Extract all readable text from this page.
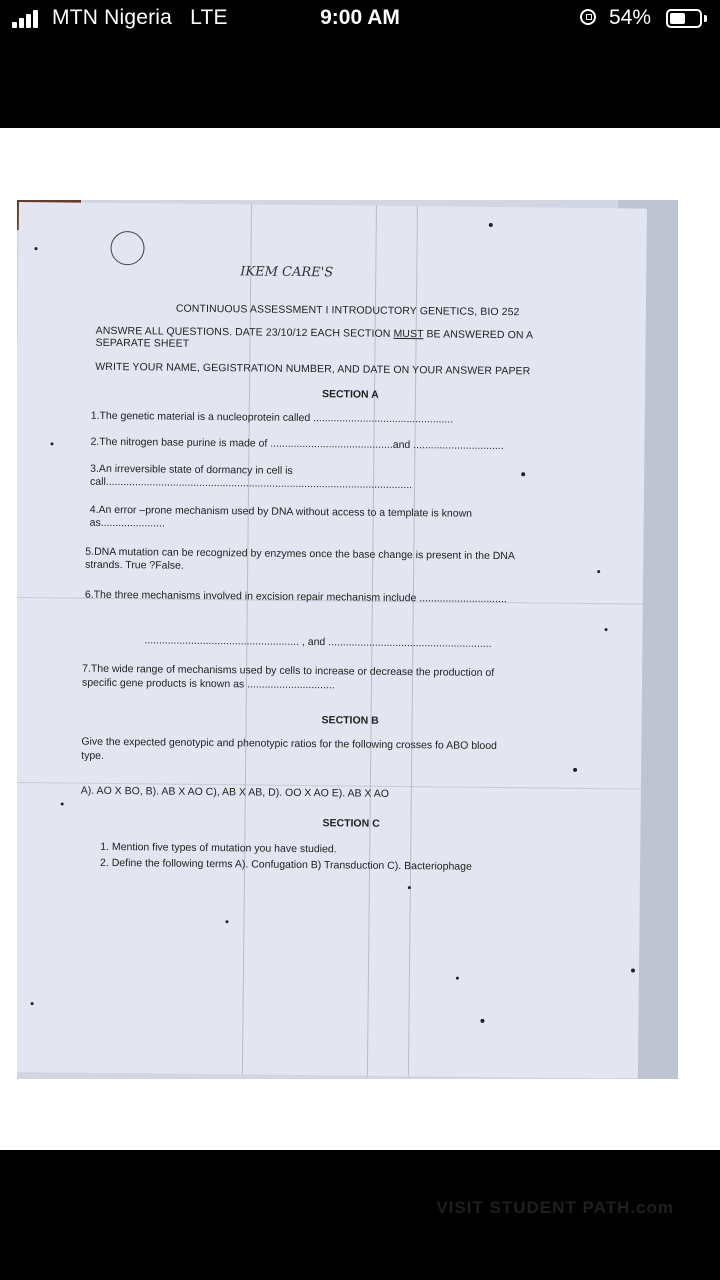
MTN Nigeria LTE	9:00 AM	54%
IKEM CARE'S
CONTINUOUS ASSESSMENT I INTRODUCTORY GENETICS, BIO 252
ANSWRE ALL QUESTIONS. DATE 23/10/12 EACH SECTION MUST BE ANSWERED ON A
SEPARATE SHEET
WRITE YOUR NAME, GEGISTRATION NUMBER, AND DATE ON YOUR ANSWER PAPER
SECTION A
1.The genetic material is a nucleoprotein called ................................................
2.The nitrogen base purine is made of ..........................................and ...............................
3.An irreversible state of dormancy in cell is
call.........................................................................................................
4.An error –prone mechanism used by DNA without access to a template is known
as......................
5.DNA mutation can be recognized by enzymes once the base change is present in the DNA
strands. True ?False.
6.The three mechanisms involved in excision repair mechanism include ..............................
..................................................... , and ........................................................
7.The wide range of mechanisms used by cells to increase or decrease the production of
specific gene products is known as ..............................
SECTION B
Give the expected genotypic and phenotypic ratios for the following crosses fo ABO blood
type.
A). AO X BO, B). AB X AO C), AB X AB, D). OO X AO E). AB X AO
SECTION C
1. Mention five types of mutation you have studied.
2. Define the following terms A). Confugation B) Transduction C). Bacteriophage
VISIT STUDENT PATH.com
